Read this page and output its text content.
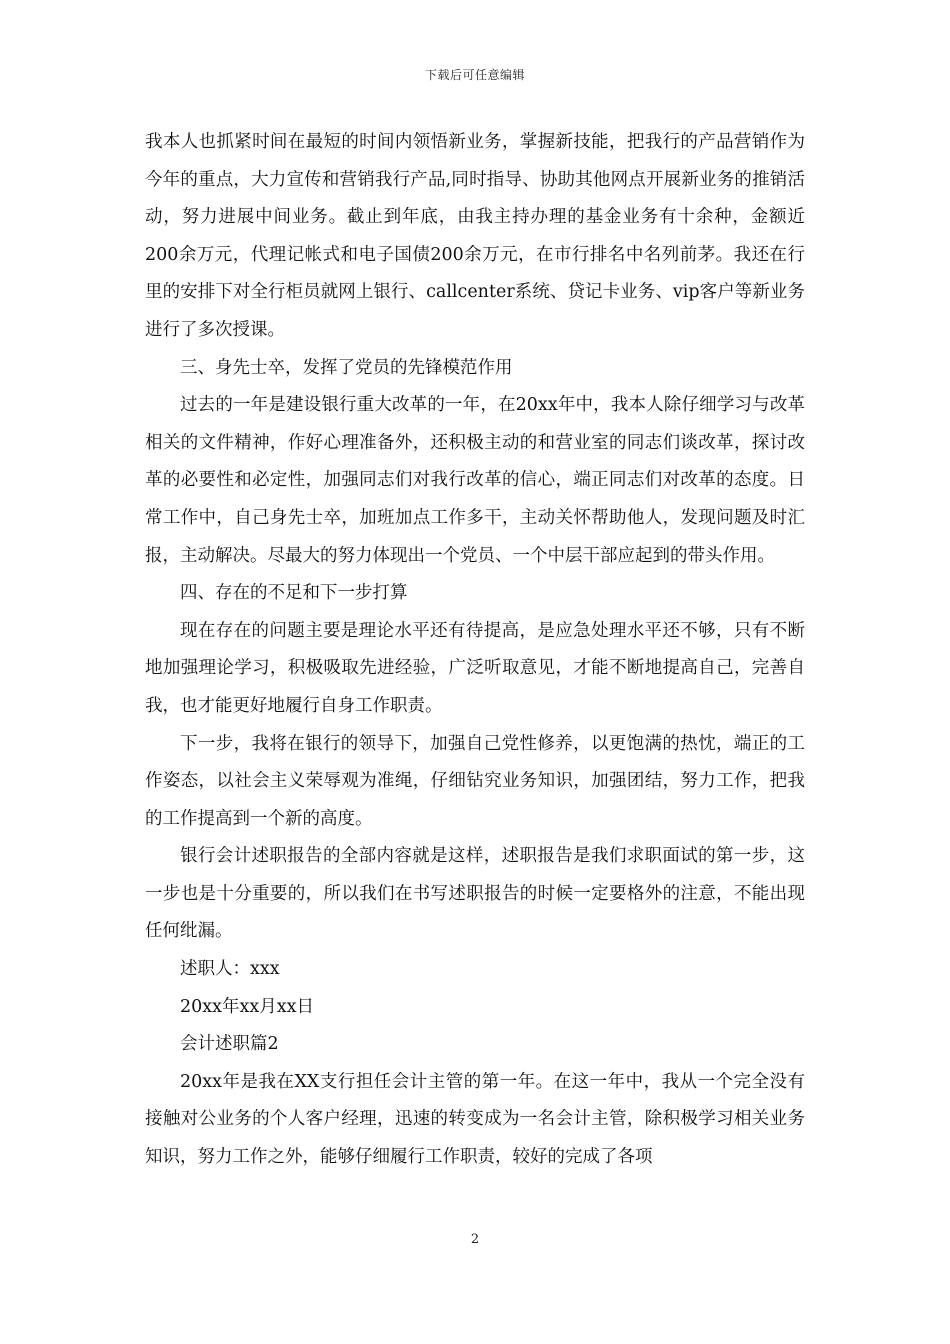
下载后可任意编辑

我本人也抓紧时间在最短的时间内领悟新业务，掌握新技能，把我行的产品营销作为今年的重点，大力宣传和营销我行产品,同时指导、协助其他网点开展新业务的推销活动，努力进展中间业务。截止到年底，由我主持办理的基金业务有十余种，金额近200余万元，代理记帐式和电子国债200余万元，在市行排名中名列前茅。我还在行里的安排下对全行柜员就网上银行、callcenter系统、贷记卡业务、vip客户等新业务进行了多次授课。

三、身先士卒，发挥了党员的先锋模范作用

过去的一年是建设银行重大改革的一年，在20xx年中，我本人除仔细学习与改革相关的文件精神，作好心理准备外，还积极主动的和营业室的同志们谈改革，探讨改革的必要性和必定性，加强同志们对我行改革的信心，端正同志们对改革的态度。日常工作中，自己身先士卒，加班加点工作多干，主动关怀帮助他人，发现问题及时汇报，主动解决。尽最大的努力体现出一个党员、一个中层干部应起到的带头作用。

四、存在的不足和下一步打算

现在存在的问题主要是理论水平还有待提高，是应急处理水平还不够，只有不断地加强理论学习，积极吸取先进经验，广泛听取意见，才能不断地提高自己，完善自我，也才能更好地履行自身工作职责。

下一步，我将在银行的领导下，加强自己党性修养，以更饱满的热忱，端正的工作姿态，以社会主义荣辱观为准绳，仔细钻究业务知识，加强团结，努力工作，把我的工作提高到一个新的高度。

银行会计述职报告的全部内容就是这样，述职报告是我们求职面试的第一步，这一步也是十分重要的，所以我们在书写述职报告的时候一定要格外的注意，不能出现任何纰漏。

述职人：xxx

20xx年xx月xx日

会计述职篇2

20xx年是我在XX支行担任会计主管的第一年。在这一年中，我从一个完全没有接触对公业务的个人客户经理，迅速的转变成为一名会计主管，除积极学习相关业务知识，努力工作之外，能够仔细履行工作职责，较好的完成了各项

2
